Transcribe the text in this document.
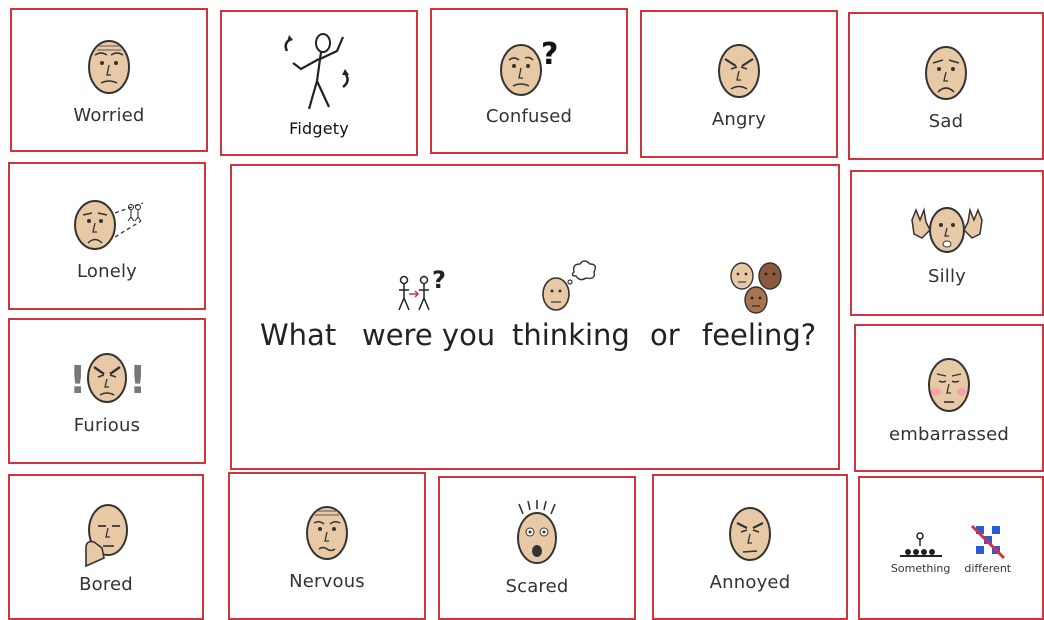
Worried
Fidgety
?
Confused	Angry	Sad
Lonely
! !
Furious
Silly
embarrassed
Bored	Nervous	Scared	Annoyed
Something different
?
What were you thinking or feeling?
